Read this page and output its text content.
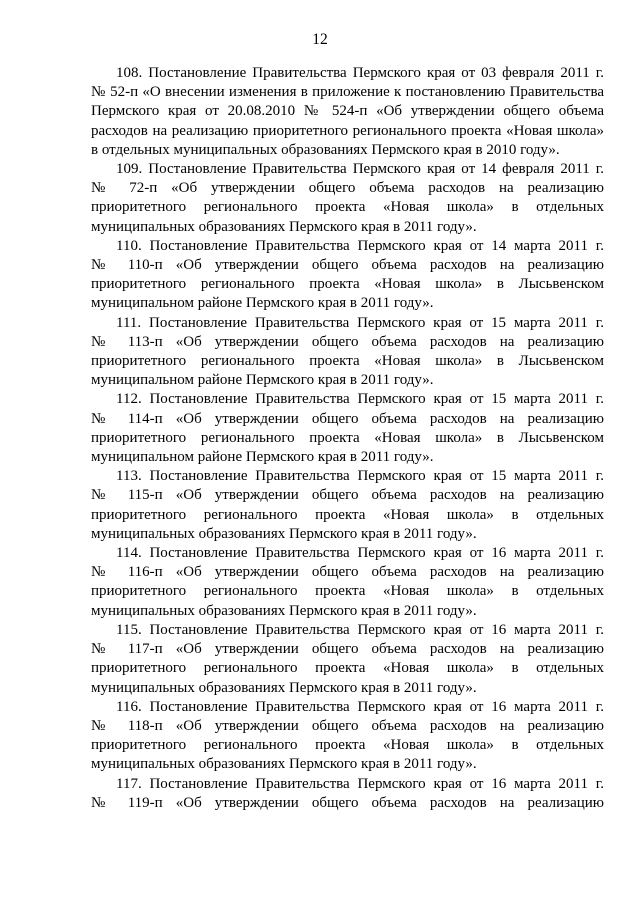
12

108. Постановление Правительства Пермского края от 03 февраля 2011 г.
№ 52-п «О внесении изменения в приложение к постановлению Правительства
Пермского края от 20.08.2010 № 524-п «Об утверждении общего объема
расходов на реализацию приоритетного регионального проекта «Новая школа»
в отдельных муниципальных образованиях Пермского края в 2010 году».

109. Постановление Правительства Пермского края от 14 февраля 2011 г.
№ 72-п «Об утверждении общего объема расходов на реализацию
приоритетного регионального проекта «Новая школа» в отдельных
муниципальных образованиях Пермского края в 2011 году».

110. Постановление Правительства Пермского края от 14 марта 2011 г.
№ 110-п «Об утверждении общего объема расходов на реализацию
приоритетного регионального проекта «Новая школа» в Лысьвенском
муниципальном районе Пермского края в 2011 году».

111. Постановление Правительства Пермского края от 15 марта 2011 г.
№ 113-п «Об утверждении общего объема расходов на реализацию
приоритетного регионального проекта «Новая школа» в Лысьвенском
муниципальном районе Пермского края в 2011 году».

112. Постановление Правительства Пермского края от 15 марта 2011 г.
№ 114-п «Об утверждении общего объема расходов на реализацию
приоритетного регионального проекта «Новая школа» в Лысьвенском
муниципальном районе Пермского края в 2011 году».

113. Постановление Правительства Пермского края от 15 марта 2011 г.
№ 115-п «Об утверждении общего объема расходов на реализацию
приоритетного регионального проекта «Новая школа» в отдельных
муниципальных образованиях Пермского края в 2011 году».

114. Постановление Правительства Пермского края от 16 марта 2011 г.
№ 116-п «Об утверждении общего объема расходов на реализацию
приоритетного регионального проекта «Новая школа» в отдельных
муниципальных образованиях Пермского края в 2011 году».

115. Постановление Правительства Пермского края от 16 марта 2011 г.
№ 117-п «Об утверждении общего объема расходов на реализацию
приоритетного регионального проекта «Новая школа» в отдельных
муниципальных образованиях Пермского края в 2011 году».

116. Постановление Правительства Пермского края от 16 марта 2011 г.
№ 118-п «Об утверждении общего объема расходов на реализацию
приоритетного регионального проекта «Новая школа» в отдельных
муниципальных образованиях Пермского края в 2011 году».

117. Постановление Правительства Пермского края от 16 марта 2011 г.
№ 119-п «Об утверждении общего объема расходов на реализацию
